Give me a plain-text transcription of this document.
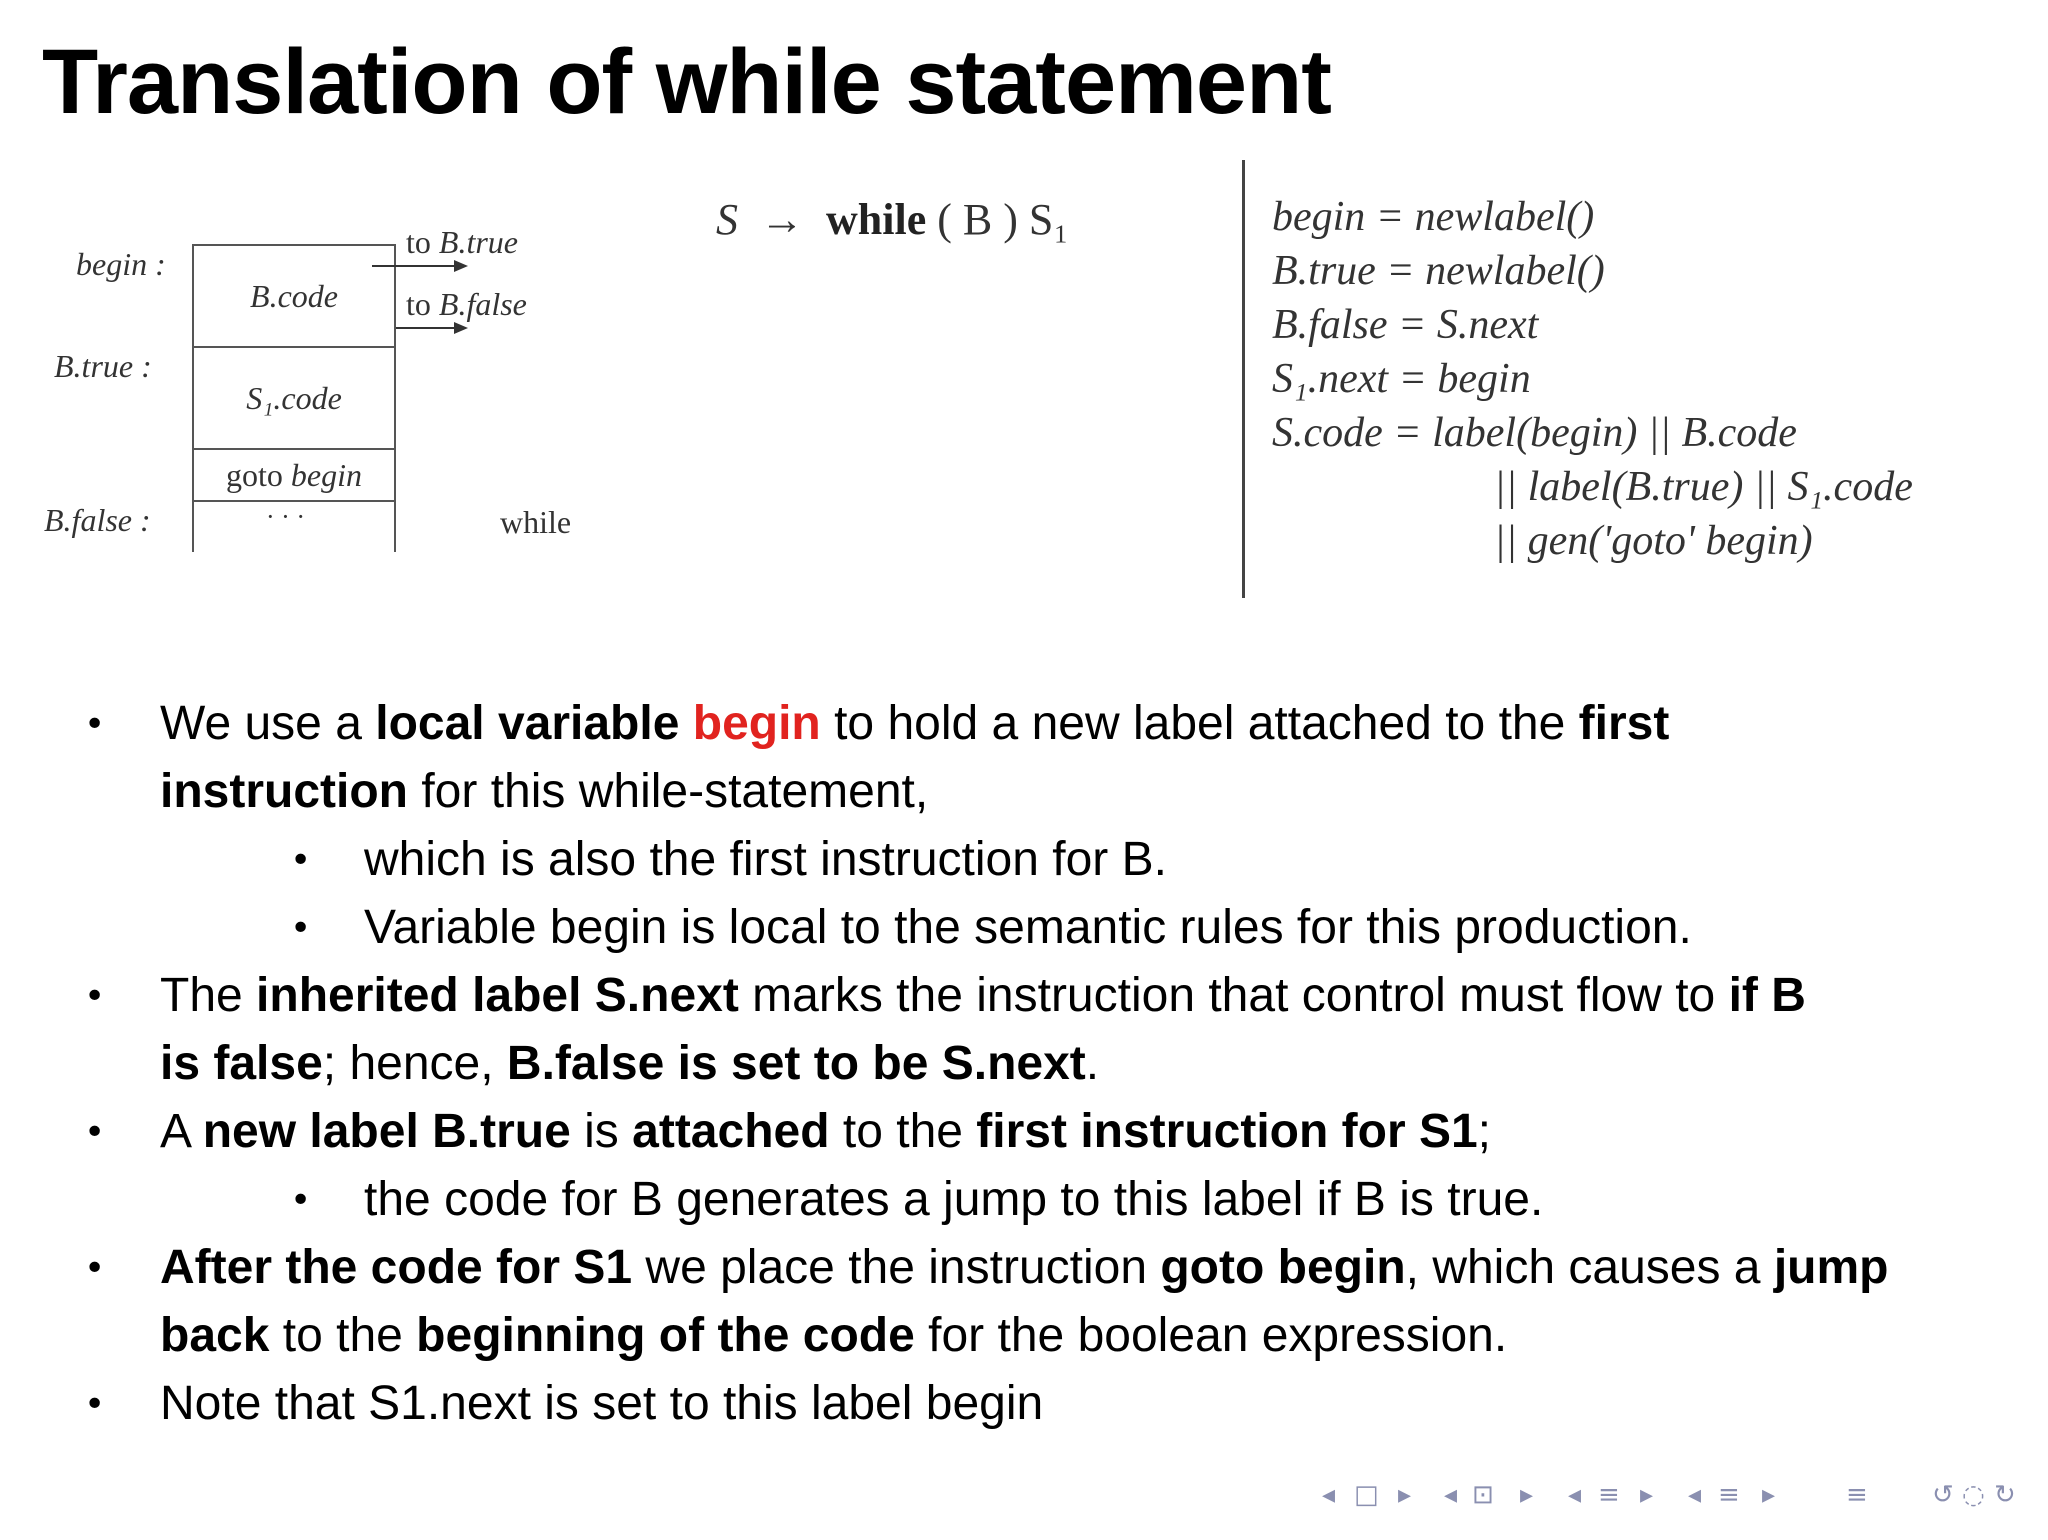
Translation of while statement
begin :
B.true :
B.false :
B.code
S₁.code
goto
begin
· · ·
to B.true
to B.false
while
S → while ( B ) S₁	begin = newlabel()
B.true = newlabel()
B.false = S.next
S₁.next = begin
S.code = label(begin) || B.code
|| label(B.true) || S₁.code
|| gen('goto' begin)
• We use a local variable begin to hold a new label attached to the first
instruction for this while-statement,
• which is also the first instruction for B.
• Variable begin is local to the semantic rules for this production.
• The inherited label S.next marks the instruction that control must flow to if B
is false; hence, B.false is set to be S.next.
• A new label B.true is attached to the first instruction for S1;
• the code for B generates a jump to this label if B is true.
• After the code for S1 we place the instruction goto begin, which causes a jump
back to the beginning of the code for the boolean expression.
• Note that S1.next is set to this label begin
◂ □ ▸ ◂ ⊡ ▸ ◂ ≡ ▸ ◂ ≡ ▸	≡ ↺ ◌ ↻
